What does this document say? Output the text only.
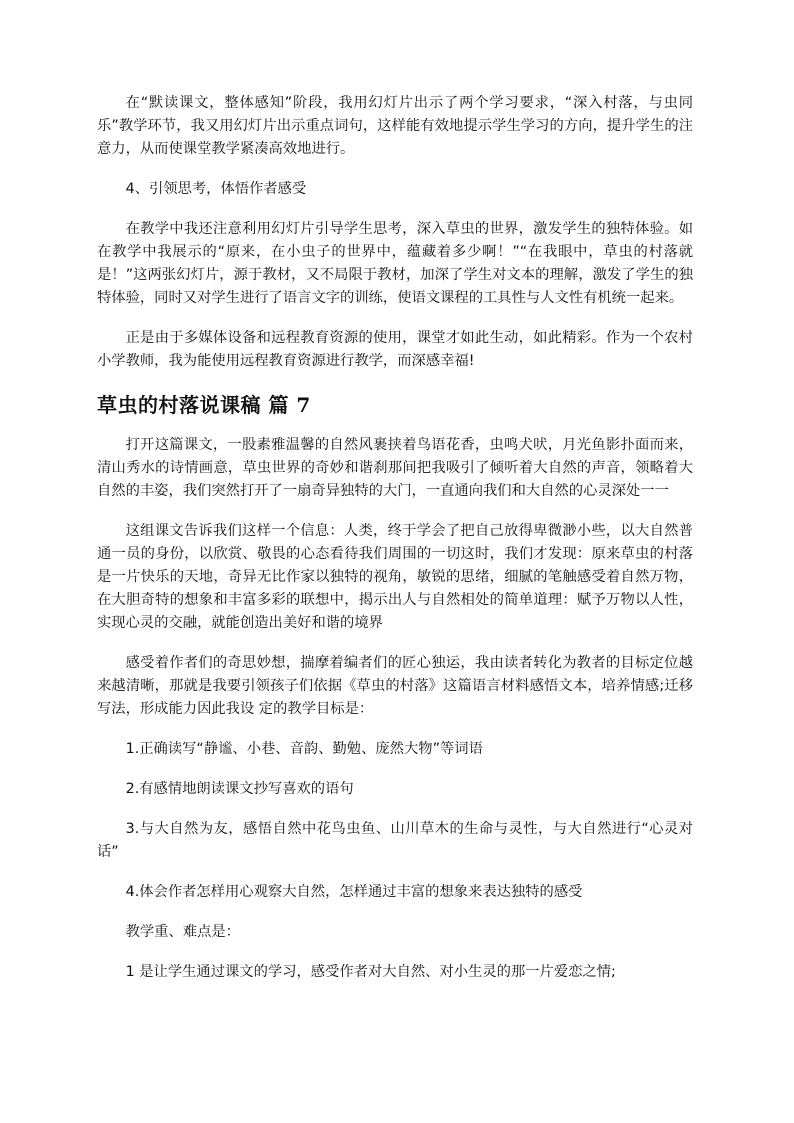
在“默读课文，整体感知”阶段，我用幻灯片出示了两个学习要求，“深入村落，与虫同乐”教学环节，我又用幻灯片出示重点词句，这样能有效地提示学生学习的方向，提升学生的注意力，从而使课堂教学紧凑高效地进行。

4、引领思考，体悟作者感受

在教学中我还注意利用幻灯片引导学生思考，深入草虫的世界，激发学生的独特体验。如在教学中我展示的“原来，在小虫子的世界中，蕴藏着多少啊！”“在我眼中，草虫的村落就是！”这两张幻灯片，源于教材，又不局限于教材，加深了学生对文本的理解，激发了学生的独特体验，同时又对学生进行了语言文字的训练，使语文课程的工具性与人文性有机统一起来。

正是由于多媒体设备和远程教育资源的使用，课堂才如此生动，如此精彩。作为一个农村小学教师，我为能使用远程教育资源进行教学，而深感幸福!

草虫的村落说课稿 篇 7

打开这篇课文，一股素雅温馨的自然风裹挟着鸟语花香，虫鸣犬吠，月光鱼影扑面而来，清山秀水的诗情画意，草虫世界的奇妙和谐刹那间把我吸引了倾听着大自然的声音，领略着大自然的丰姿，我们突然打开了一扇奇异独特的大门，一直通向我们和大自然的心灵深处一一

这组课文告诉我们这样一个信息：人类，终于学会了把自己放得卑微渺小些，以大自然普通一员的身份，以欣赏、敬畏的心态看待我们周围的一切这时，我们才发现：原来草虫的村落是一片快乐的天地，奇异无比作家以独特的视角，敏锐的思绪，细腻的笔触感受着自然万物，在大胆奇特的想象和丰富多彩的联想中，揭示出人与自然相处的简单道理：赋予万物以人性，实现心灵的交融，就能创造出美好和谐的境界

感受着作者们的奇思妙想，揣摩着编者们的匠心独运，我由读者转化为教者的目标定位越来越清晰，那就是我要引领孩子们依据《草虫的村落》这篇语言材料感悟文本，培养情感;迁移写法，形成能力因此我设 定的教学目标是：

1.正确读写“静谧、小巷、音韵、勤勉、庞然大物”等词语

2.有感情地朗读课文抄写喜欢的语句

3.与大自然为友，感悟自然中花鸟虫鱼、山川草木的生命与灵性，与大自然进行“心灵对话”

4.体会作者怎样用心观察大自然，怎样通过丰富的想象来表达独特的感受

教学重、难点是：

1 是让学生通过课文的学习，感受作者对大自然、对小生灵的那一片爱恋之情;
